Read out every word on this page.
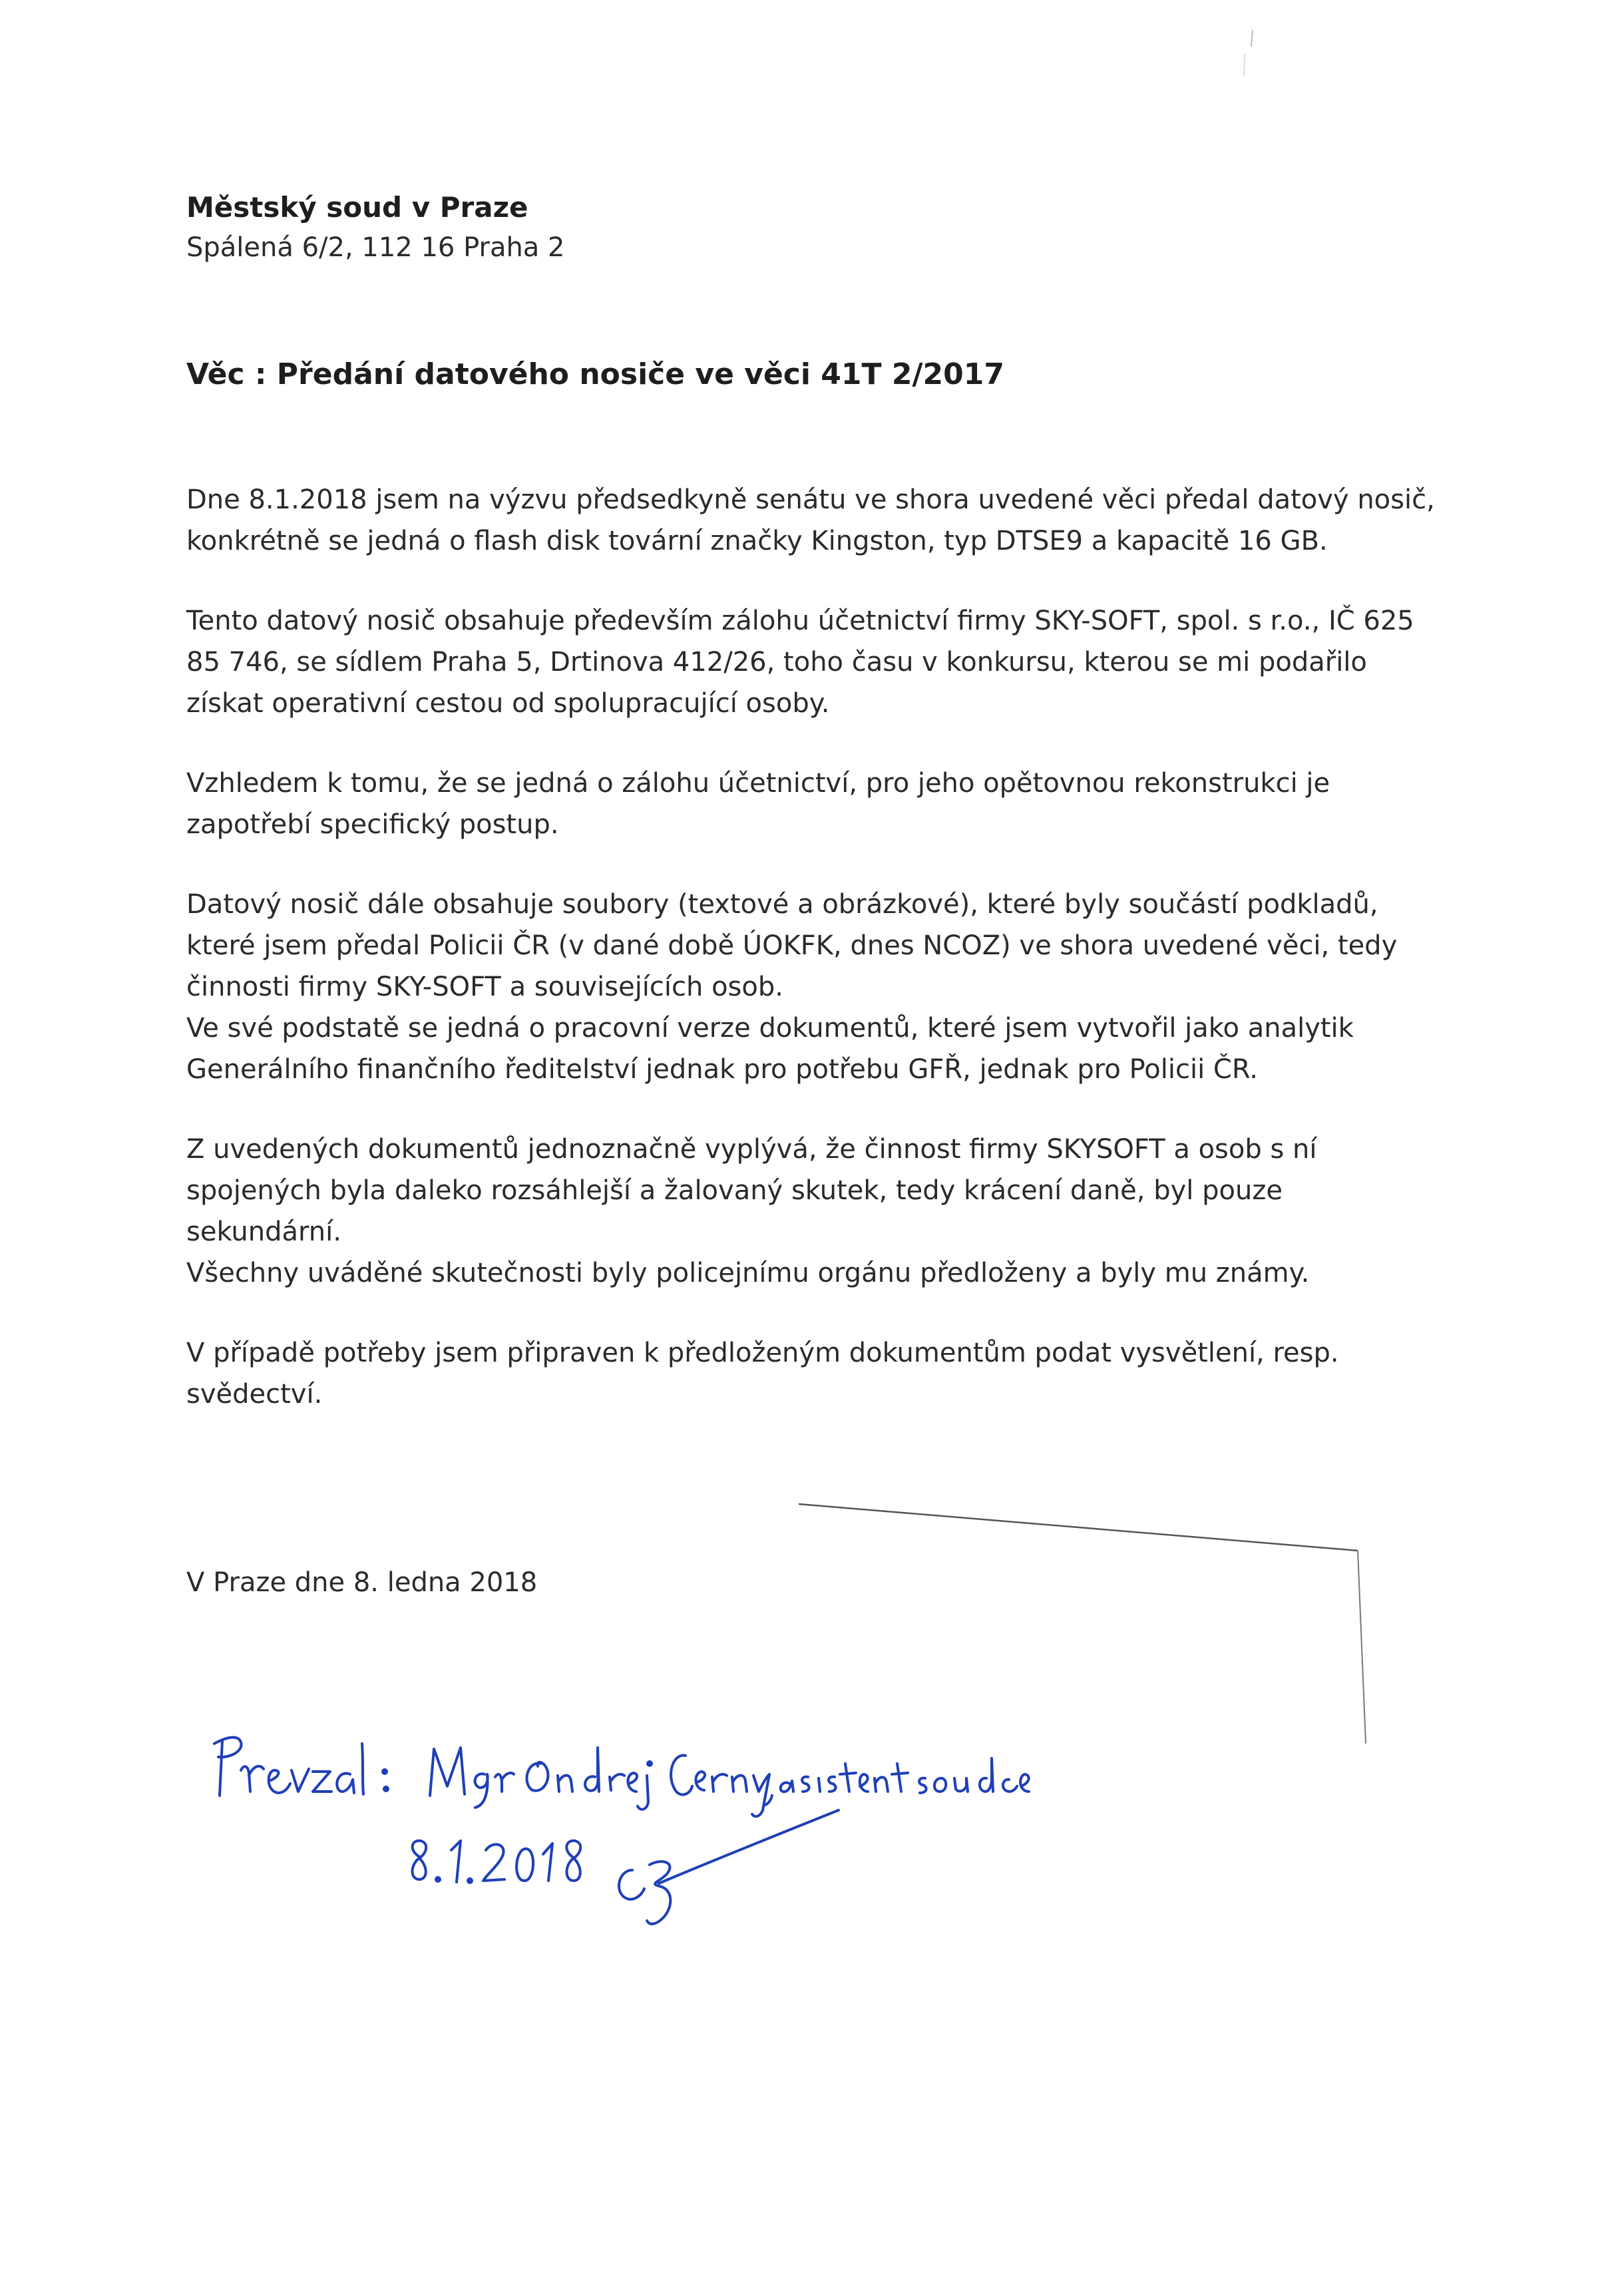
Městský soud v Praze
Spálená 6/2, 112 16 Praha 2
Věc : Předání datového nosiče ve věci 41T 2/2017

Dne 8.1.2018 jsem na výzvu předsedkyně senátu ve shora uvedené věci předal datový nosič,
konkrétně se jedná o flash disk tovární značky Kingston, typ DTSE9 a kapacitě 16 GB.

Tento datový nosič obsahuje především zálohu účetnictví firmy SKY-SOFT, spol. s r.o., IČ 625
85 746, se sídlem Praha 5, Drtinova 412/26, toho času v konkursu, kterou se mi podařilo
získat operativní cestou od spolupracující osoby.

Vzhledem k tomu, že se jedná o zálohu účetnictví, pro jeho opětovnou rekonstrukci je
zapotřebí specifický postup.

Datový nosič dále obsahuje soubory (textové a obrázkové), které byly součástí podkladů,
které jsem předal Policii ČR (v dané době ÚOKFK, dnes NCOZ) ve shora uvedené věci, tedy
činnosti firmy SKY-SOFT a souvisejících osob.
Ve své podstatě se jedná o pracovní verze dokumentů, které jsem vytvořil jako analytik
Generálního finančního ředitelství jednak pro potřebu GFŘ, jednak pro Policii ČR.

Z uvedených dokumentů jednoznačně vyplývá, že činnost firmy SKYSOFT a osob s ní
spojených byla daleko rozsáhlejší a žalovaný skutek, tedy krácení daně, byl pouze
sekundární.
Všechny uváděné skutečnosti byly policejnímu orgánu předloženy a byly mu známy.

V případě potřeby jsem připraven k předloženým dokumentům podat vysvětlení, resp.
svědectví.

V Praze dne 8. ledna 2018
